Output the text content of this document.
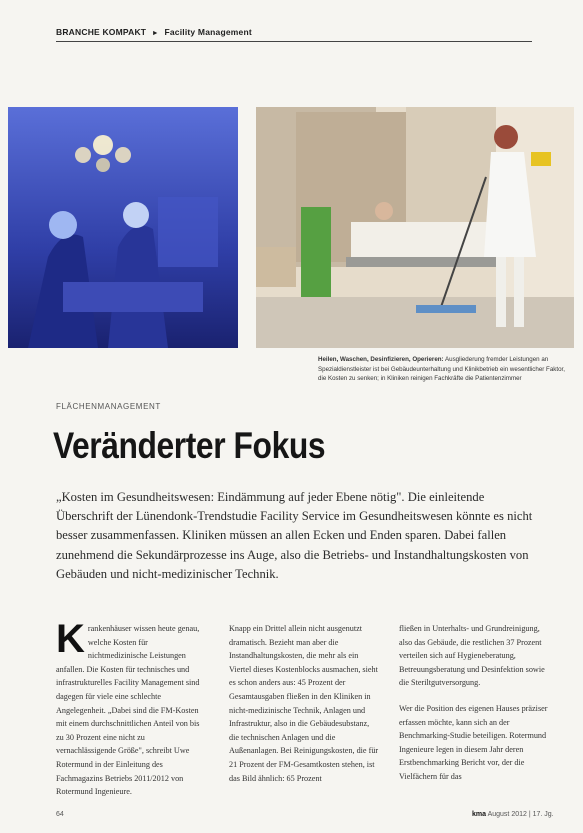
BRANCHE KOMPAKT ► Facility Management
Heilen, Waschen, Desinfizieren, Operieren: Ausgliederung fremder Leistungen an Spezialdienstleister ist bei Gebäudeunterhaltung und Klinikbetrieb ein wesentlicher Faktor, die Kosten zu senken; in Kliniken reinigen Fachkräfte die Patientenzimmer
FLÄCHENMANAGEMENT
Veränderter Fokus
„Kosten im Gesundheitswesen: Eindämmung auf jeder Ebene nötig". Die einleitende Überschrift der Lünendonk-Trendstudie Facility Service im Gesundheitswesen könnte es nicht besser zusammenfassen. Kliniken müssen an allen Ecken und Enden sparen. Dabei fallen zunehmend die Sekundärprozesse ins Auge, also die Betriebs- und Instandhaltungskosten von Gebäuden und nicht-medizinischer Technik.

Krankenhäuser wissen heute genau, welche Kosten für nichtmedizinische Leistungen anfallen. Die Kosten für technisches und infrastrukturelles Facility Management sind dagegen für viele eine schlechte Angelegenheit. „Dabei sind die FM-Kosten mit einem durchschnittlichen Anteil von bis zu 30 Prozent eine nicht zu vernachlässigende Größe", schreibt Uwe Rotermund in der Einleitung des Fachmagazins Betriebs 2011/2012 von Rotermund Ingenieure.

Knapp ein Drittel allein nicht ausgenutzt dramatisch. Bezieht man aber die Instandhaltungskosten, die mehr als ein Viertel dieses Kostenblocks ausmachen, sieht es schon anders aus: 45 Prozent der Gesamtausgaben fließen in den Kliniken in nicht-medizinische Technik, Anlagen und Infrastruktur, also in die Gebäudesubstanz, die technischen Anlagen und die Außenanlagen. Bei Reinigungskosten, die für 21 Prozent der FM-Gesamtkosten stehen, ist das Bild ähnlich: 65 Prozent

fließen in Unterhalts- und Grundreinigung, also das Gebäude, die restlichen 37 Prozent verteilen sich auf Hygieneberatung, Betreuungsberatung und Desinfektion sowie die Steriltgutversorgung.

Wer die Position des eigenen Hauses präziser erfassen möchte, kann sich an der Benchmarking-Studie beteiligen. Rotermund Ingenieure legen in diesem Jahr deren Erstbenchmarking Bericht vor, der die Vielfächern für das

64	kma August 2012 | 17. Jg.
